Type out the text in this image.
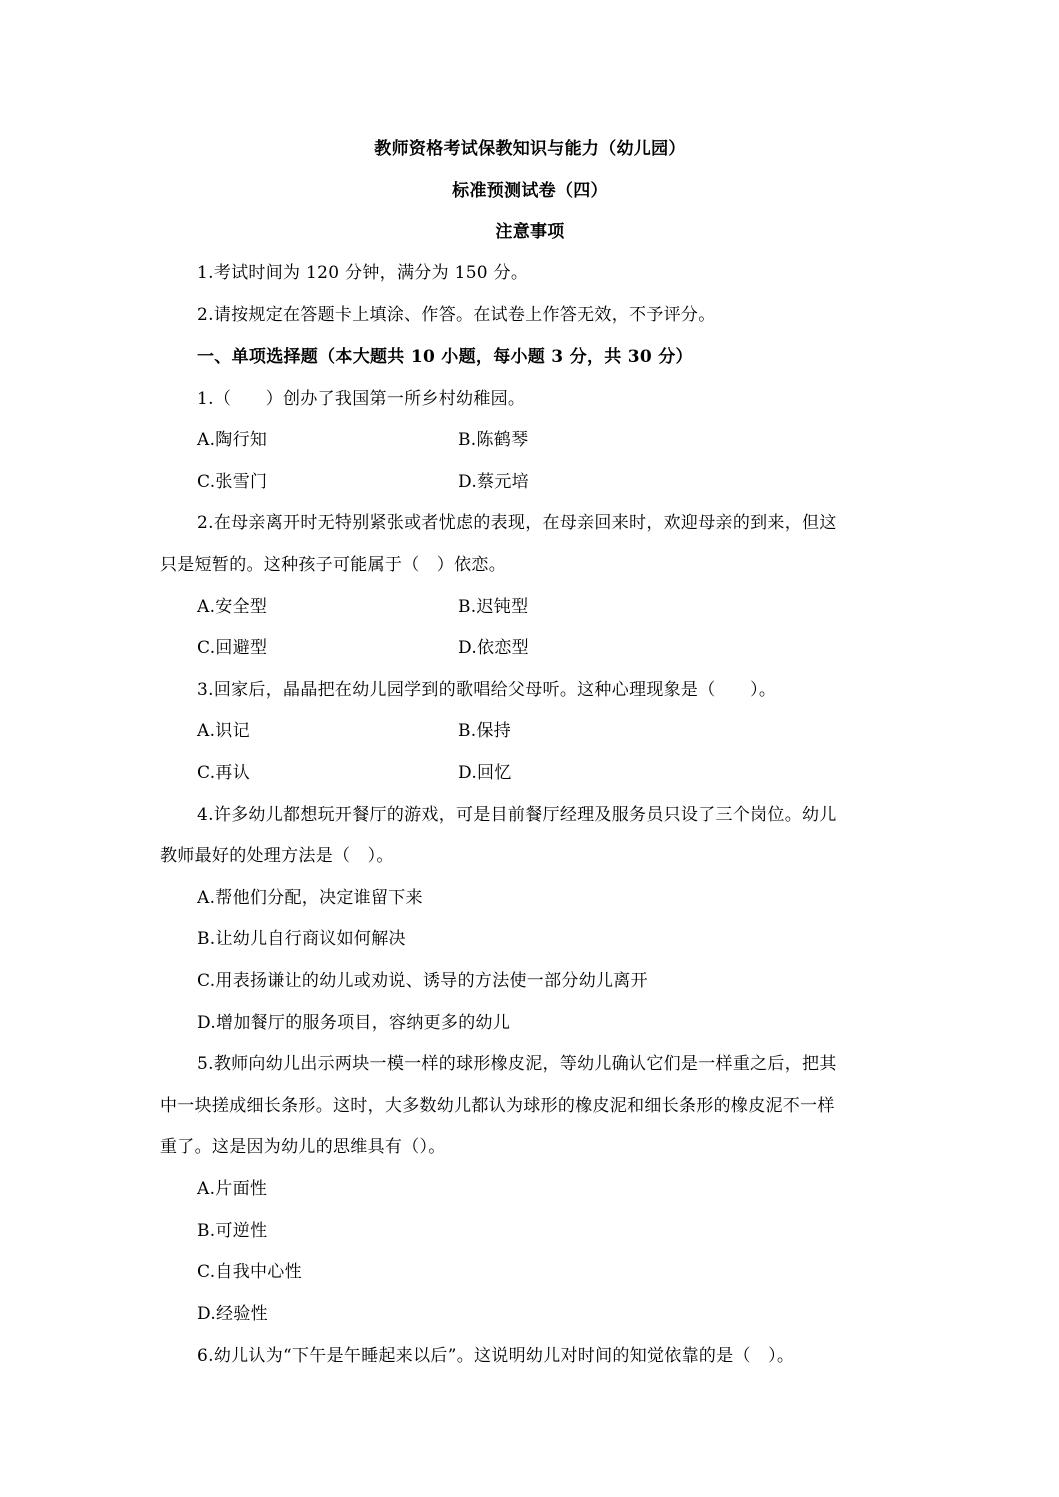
教师资格考试保教知识与能力（幼儿园）
标准预测试卷（四）
注意事项
1.考试时间为 120 分钟，满分为 150 分。
2.请按规定在答题卡上填涂、作答。在试卷上作答无效，不予评分。
一、单项选择题（本大题共 10 小题，每小题 3 分，共 30 分）
1.（　　）创办了我国第一所乡村幼稚园。
A.陶行知	B.陈鹤琴
C.张雪门	D.蔡元培
2.在母亲离开时无特别紧张或者忧虑的表现，在母亲回来时，欢迎母亲的到来，但这
只是短暂的。这种孩子可能属于（　）依恋。
A.安全型	B.迟钝型
C.回避型	D.依恋型
3.回家后，晶晶把在幼儿园学到的歌唱给父母听。这种心理现象是（　　）。
A.识记	B.保持
C.再认	D.回忆
4.许多幼儿都想玩开餐厅的游戏，可是目前餐厅经理及服务员只设了三个岗位。幼儿
教师最好的处理方法是（　）。
A.帮他们分配，决定谁留下来
B.让幼儿自行商议如何解决
C.用表扬谦让的幼儿或劝说、诱导的方法使一部分幼儿离开
D.增加餐厅的服务项目，容纳更多的幼儿
5.教师向幼儿出示两块一模一样的球形橡皮泥，等幼儿确认它们是一样重之后，把其
中一块搓成细长条形。这时，大多数幼儿都认为球形的橡皮泥和细长条形的橡皮泥不一样
重了。这是因为幼儿的思维具有（）。
A.片面性
B.可逆性
C.自我中心性
D.经验性
6.幼儿认为“下午是午睡起来以后”。这说明幼儿对时间的知觉依靠的是（　）。
